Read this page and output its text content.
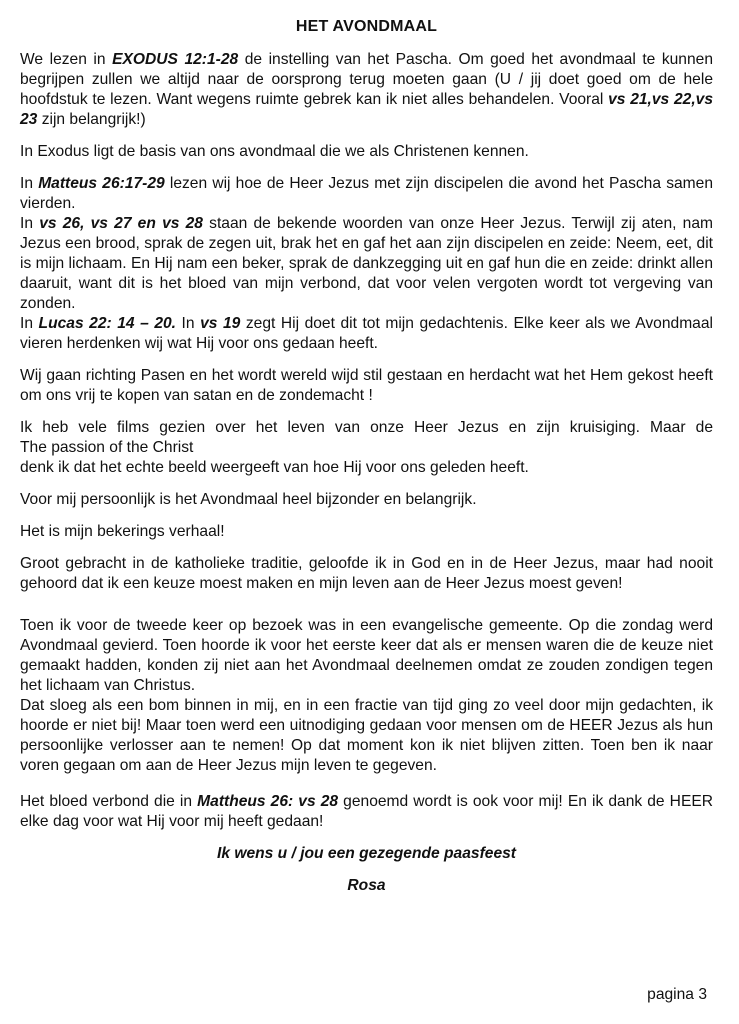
HET AVONDMAAL

We lezen in EXODUS 12:1-28 de instelling van het Pascha. Om goed het avondmaal te kunnen begrijpen zullen we altijd naar de oorsprong terug moeten gaan (U / jij doet goed om de hele hoofdstuk te lezen. Want wegens ruimte gebrek kan ik niet alles behandelen. Vooral vs 21,vs 22,vs 23 zijn belangrijk!)

In Exodus ligt de basis van ons avondmaal die we als Christenen kennen.

In Matteus 26:17-29 lezen wij hoe de Heer Jezus met zijn discipelen die avond het Pascha samen vierden.

In vs 26, vs 27 en vs 28 staan de bekende woorden van onze Heer Jezus. Terwijl zij aten, nam Jezus een brood, sprak de zegen uit, brak het en gaf het aan zijn discipelen en zeide: Neem, eet, dit is mijn lichaam. En Hij nam een beker, sprak de dankzegging uit en gaf hun die en zeide: drinkt allen daaruit, want dit is het bloed van mijn verbond, dat voor velen vergoten wordt tot vergeving van zonden.

In Lucas 22: 14 – 20. In vs 19 zegt Hij doet dit tot mijn gedachtenis. Elke keer als we Avondmaal vieren herdenken wij wat Hij voor ons gedaan heeft.

Wij gaan richting Pasen en het wordt wereld wijd stil gestaan en herdacht wat het Hem gekost heeft om ons vrij te kopen van satan en de zondemacht !

Ik heb vele films gezien over het leven van onze Heer Jezus en zijn kruisiging. Maar de
The passion of the Christ
denk ik dat het echte beeld weergeeft van hoe Hij voor ons geleden heeft.

Voor mij persoonlijk is het Avondmaal heel bijzonder en belangrijk.

Het is mijn bekerings verhaal!

Groot gebracht in de katholieke traditie, geloofde ik in God en in de Heer Jezus, maar had nooit gehoord dat ik een keuze moest maken en mijn leven aan de Heer Jezus moest geven!

Toen ik voor de tweede keer op bezoek was in een evangelische gemeente. Op die zondag werd Avondmaal gevierd. Toen hoorde ik voor het eerste keer dat als er mensen waren die de keuze niet gemaakt hadden, konden zij niet aan het Avondmaal deelnemen omdat ze zouden zondigen tegen het lichaam van Christus.

Dat sloeg als een bom binnen in mij, en in een fractie van tijd ging zo veel door mijn gedachten, ik hoorde er niet bij! Maar toen werd een uitnodiging gedaan voor mensen om de HEER Jezus als hun persoonlijke verlosser aan te nemen! Op dat moment kon ik niet blijven zitten. Toen ben ik naar voren gegaan om aan de Heer Jezus mijn leven te gegeven.

Het bloed verbond die in Mattheus 26: vs 28 genoemd wordt is ook voor mij! En ik dank de HEER elke dag voor wat Hij voor mij heeft gedaan!

Ik wens u / jou een gezegende paasfeest
Rosa
pagina 3
